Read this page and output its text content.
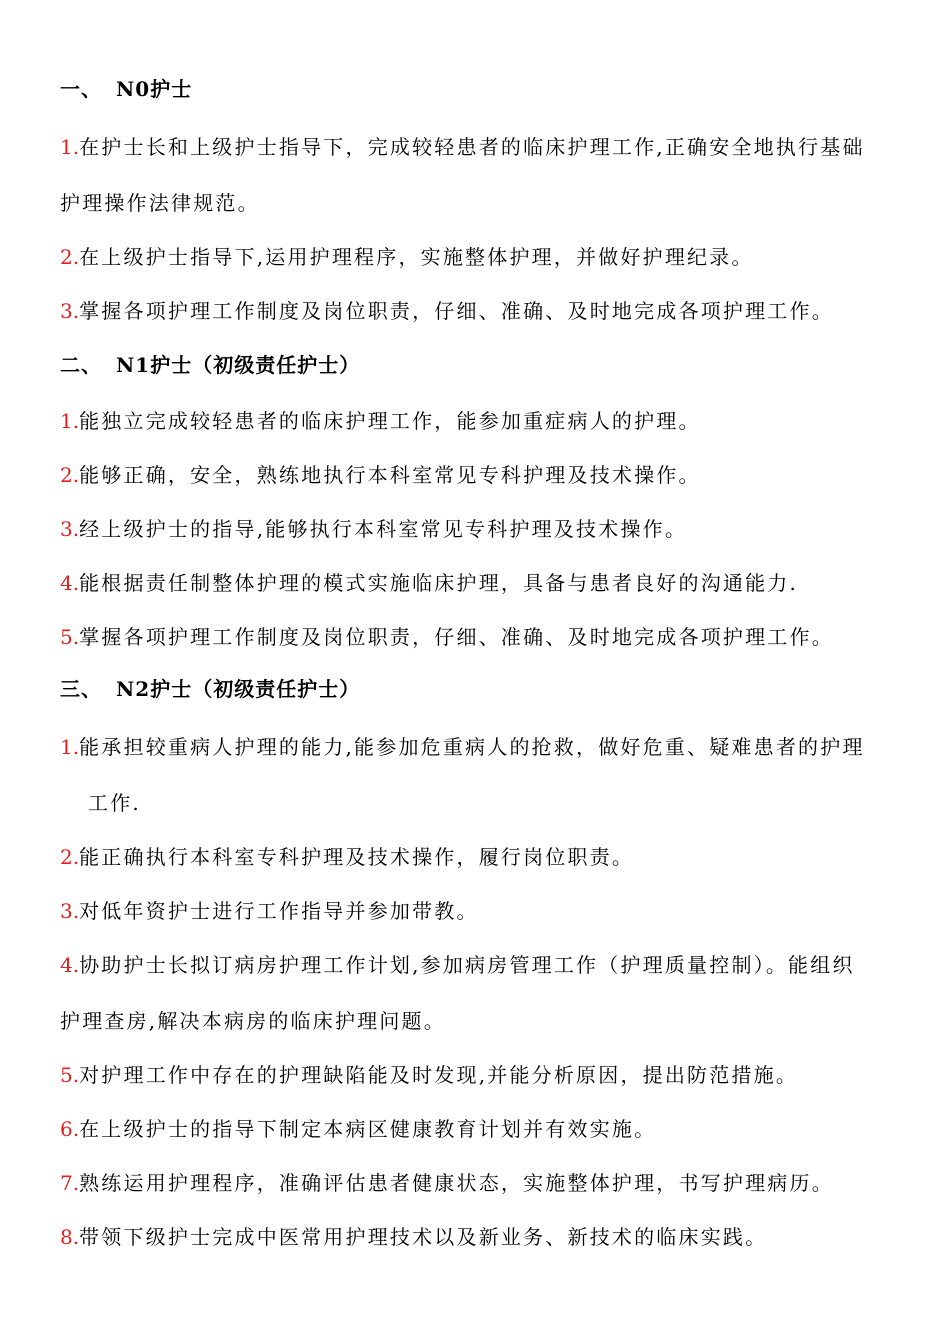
一、 N0护士
1.在护士长和上级护士指导下，完成较轻患者的临床护理工作,正确安全地执行基础
护理操作法律规范。
2.在上级护士指导下,运用护理程序，实施整体护理，并做好护理纪录。
3.掌握各项护理工作制度及岗位职责，仔细、准确、及时地完成各项护理工作。
二、 N1护士（初级责任护士）
1.能独立完成较轻患者的临床护理工作，能参加重症病人的护理。
2.能够正确，安全，熟练地执行本科室常见专科护理及技术操作。
3.经上级护士的指导,能够执行本科室常见专科护理及技术操作。
4.能根据责任制整体护理的模式实施临床护理，具备与患者良好的沟通能力.
5.掌握各项护理工作制度及岗位职责，仔细、准确、及时地完成各项护理工作。
三、 N2护士（初级责任护士）
1.能承担较重病人护理的能力,能参加危重病人的抢救，做好危重、疑难患者的护理
工作.
2.能正确执行本科室专科护理及技术操作，履行岗位职责。
3.对低年资护士进行工作指导并参加带教。
4.协助护士长拟订病房护理工作计划,参加病房管理工作（护理质量控制）。能组织
护理查房,解决本病房的临床护理问题。
5.对护理工作中存在的护理缺陷能及时发现,并能分析原因，提出防范措施。
6.在上级护士的指导下制定本病区健康教育计划并有效实施。
7.熟练运用护理程序，准确评估患者健康状态，实施整体护理，书写护理病历。
8.带领下级护士完成中医常用护理技术以及新业务、新技术的临床实践。
